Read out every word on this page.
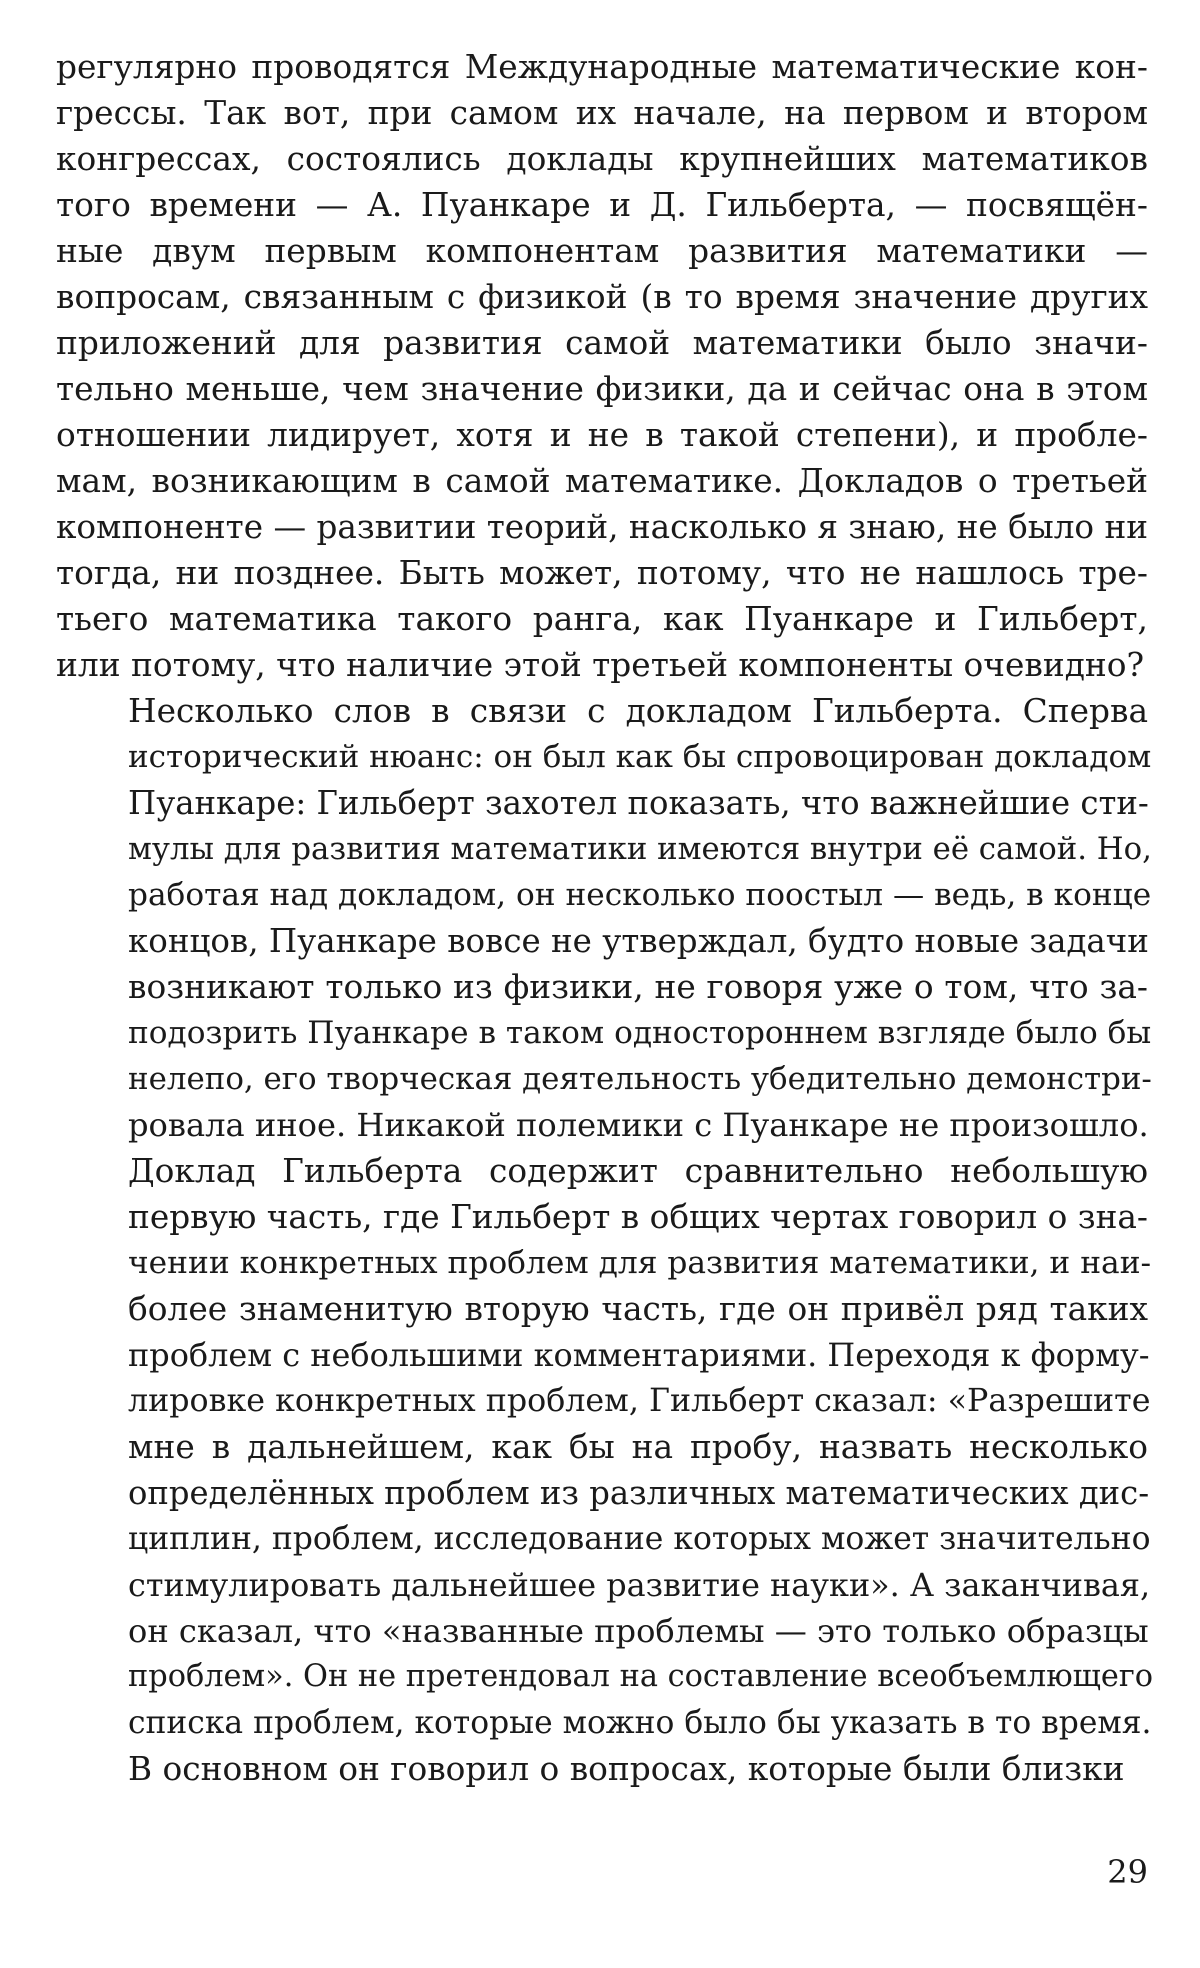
регулярно проводятся Международные математические кон-
грессы. Так вот, при самом их начале, на первом и втором
конгрессах, состоялись доклады крупнейших математиков
того времени — А. Пуанкаре и Д. Гильберта, — посвящён-
ные двум первым компонентам развития математики —
вопросам, связанным с физикой (в то время значение других
приложений для развития самой математики было значи-
тельно меньше, чем значение физики, да и сейчас она в этом
отношении лидирует, хотя и не в такой степени), и пробле-
мам, возникающим в самой математике. Докладов о третьей
компоненте — развитии теорий, насколько я знаю, не было ни
тогда, ни позднее. Быть может, потому, что не нашлось тре-
тьего математика такого ранга, как Пуанкаре и Гильберт,
или потому, что наличие этой третьей компоненты очевидно?
Несколько слов в связи с докладом Гильберта. Сперва
исторический нюанс: он был как бы спровоцирован докладом
Пуанкаре: Гильберт захотел показать, что важнейшие сти-
мулы для развития математики имеются внутри её самой. Но,
работая над докладом, он несколько поостыл — ведь, в конце
концов, Пуанкаре вовсе не утверждал, будто новые задачи
возникают только из физики, не говоря уже о том, что за-
подозрить Пуанкаре в таком одностороннем взгляде было бы
нелепо, его творческая деятельность убедительно демонстри-
ровала иное. Никакой полемики с Пуанкаре не произошло.
Доклад Гильберта содержит сравнительно небольшую
первую часть, где Гильберт в общих чертах говорил о зна-
чении конкретных проблем для развития математики, и наи-
более знаменитую вторую часть, где он привёл ряд таких
проблем с небольшими комментариями. Переходя к форму-
лировке конкретных проблем, Гильберт сказал: «Разрешите
мне в дальнейшем, как бы на пробу, назвать несколько
определённых проблем из различных математических дис-
циплин, проблем, исследование которых может значительно
стимулировать дальнейшее развитие науки». А заканчивая,
он сказал, что «названные проблемы — это только образцы
проблем». Он не претендовал на составление всеобъемлющего
списка проблем, которые можно было бы указать в то время.
В основном он говорил о вопросах, которые были близки
29
